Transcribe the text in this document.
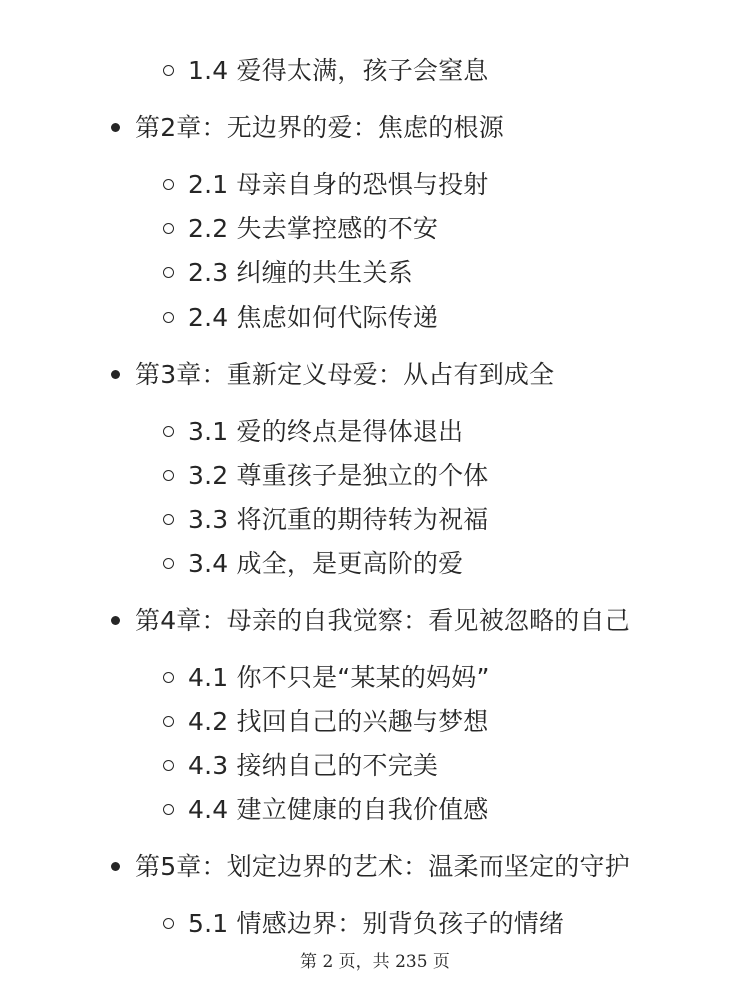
1.4 爱得太满，孩子会窒息
第2章：无边界的爱：焦虑的根源
2.1 母亲自身的恐惧与投射
2.2 失去掌控感的不安
2.3 纠缠的共生关系
2.4 焦虑如何代际传递
第3章：重新定义母爱：从占有到成全
3.1 爱的终点是得体退出
3.2 尊重孩子是独立的个体
3.3 将沉重的期待转为祝福
3.4 成全，是更高阶的爱
第4章：母亲的自我觉察：看见被忽略的自己
4.1 你不只是“某某的妈妈”
4.2 找回自己的兴趣与梦想
4.3 接纳自己的不完美
4.4 建立健康的自我价值感
第5章：划定边界的艺术：温柔而坚定的守护
5.1 情感边界：别背负孩子的情绪
第 2 页，共 235 页
